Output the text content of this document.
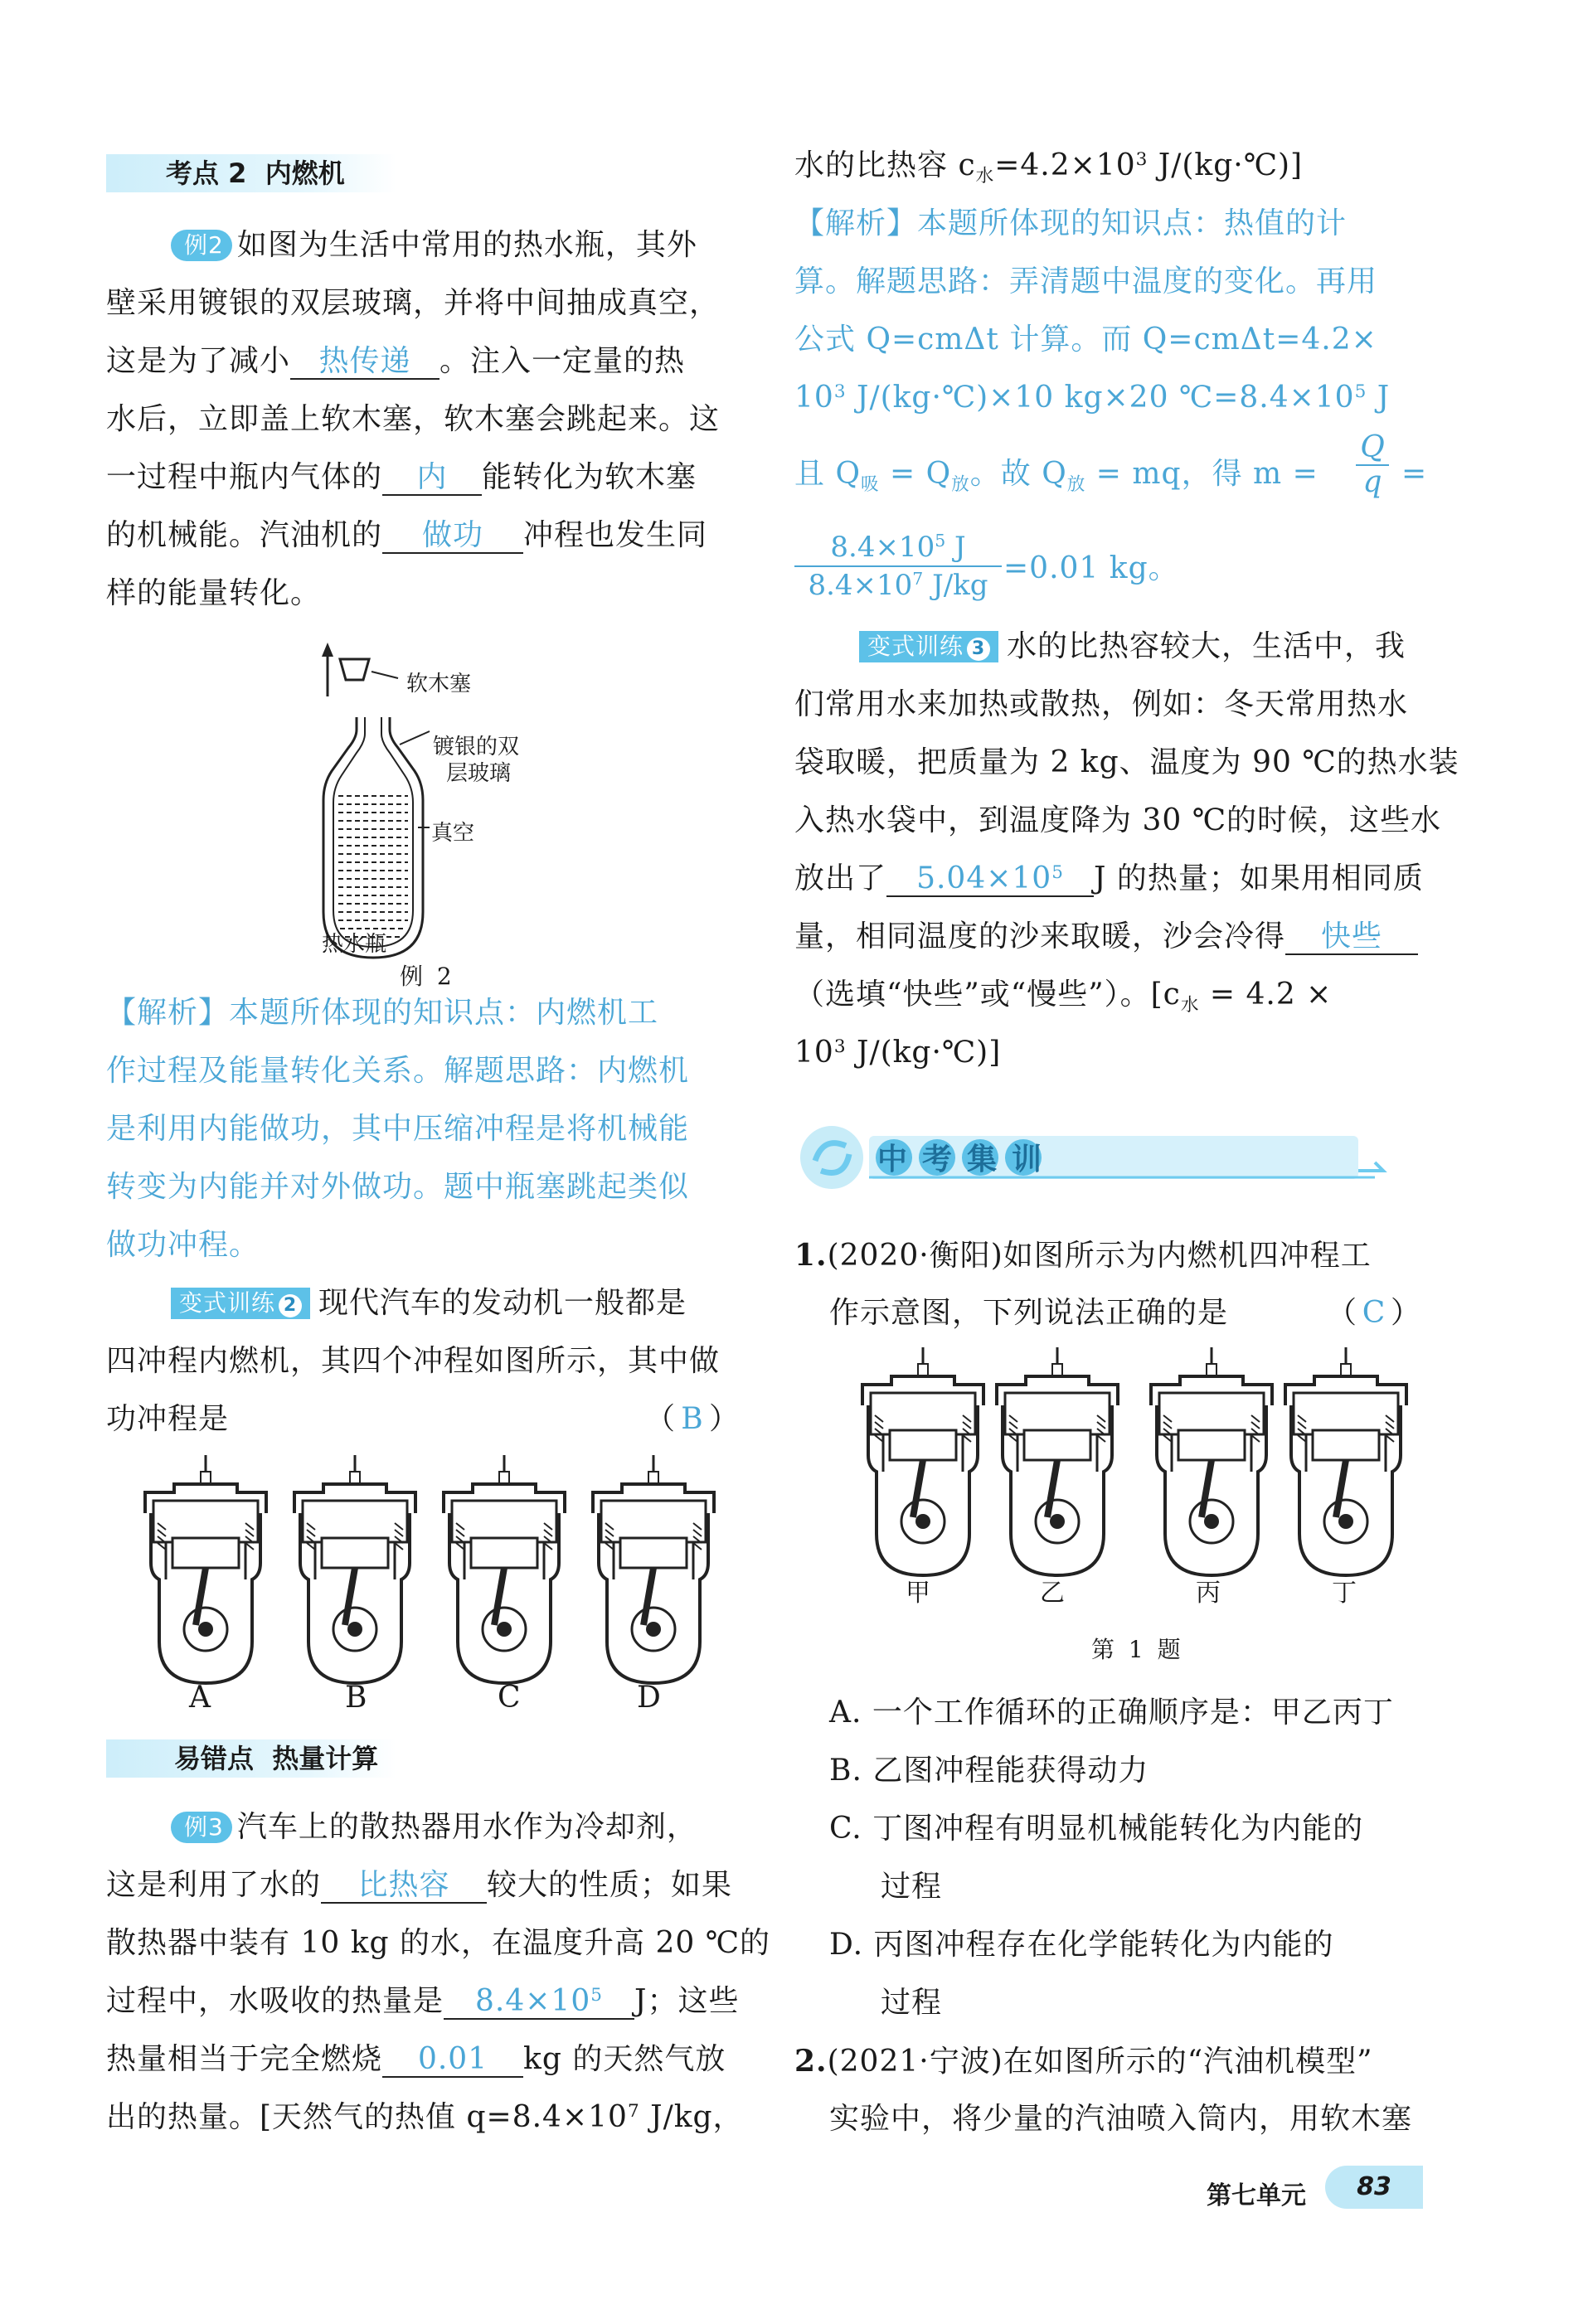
考点 2 内燃机
例2 如图为生活中常用的热水瓶，其外
壁采用镀银的双层玻璃，并将中间抽成真空，
这是为了减小 热传递 。注入一定量的热
水后，立即盖上软木塞，软木塞会跳起来。这
一过程中瓶内气体的 内 能转化为软木塞
的机械能。汽油机的 做功 冲程也发生同
样的能量转化。
软木塞
镀银的双
层玻璃
真空
热水瓶
例 2
【解析】本题所体现的知识点：内燃机工
作过程及能量转化关系。解题思路：内燃机
是利用内能做功，其中压缩冲程是将机械能
转变为内能并对外做功。题中瓶塞跳起类似
做功冲程。
变式训练 2 现代汽车的发动机一般都是
四冲程内燃机，其四个冲程如图所示，其中做
功冲程是	（ B ）
A	B	C	D
易错点 热量计算
例3 汽车上的散热器用水作为冷却剂，
这是利用了水的 比热容 较大的性质；如果
散热器中装有 10 kg 的水，在温度升高 20 ℃的
过程中，水吸收的热量是 $8.4\times 10^5$ J；这些
热量相当于完全燃烧 0.01 kg 的天然气放
出的热量。[天然气的热值 $q=8.4\times 10^7$ J/kg，
水的比热容 $c_水=4.2\times 10^3$ J/(kg·℃)]
【解析】本题所体现的知识点：热值的计
算。解题思路：弄清题中温度的变化。再用
公式 Q=cmΔt 计算。而 Q=cmΔt=4.2×
$10^3$ J/(kg·℃)×10 kg×20 $℃=8.4\times 10^5$ J
且 $Q_吸 = Q_放$。故 $Q_放$ = mq，得 m =
Q
q =
$8.4\times 10^5$ J
$8.4\times 10^7$ J/kg =0.01 kg。
变式训练 3 水的比热容较大，生活中，我
们常用水来加热或散热，例如：冬天常用热水
袋取暖，把质量为 2 kg、温度为 90 ℃的热水装
入热水袋中，到温度降为 30 ℃的时候，这些水
放出了 $5.04\times 10^5$ J 的热量；如果用相同质
量，相同温度的沙来取暖，沙会冷得 快些
（选填“快些”或“慢些”）。[$c_水 = 4.2$ ×
$10^3$ J/(kg·℃)]
中考集训
1.(2020·衡阳)如图所示为内燃机四冲程工
作示意图，下列说法正确的是	（ C ）
甲	乙	丙	丁
第 1 题
A. 一个工作循环的正确顺序是：甲乙丙丁
B. 乙图冲程能获得动力
C. 丁图冲程有明显机械能转化为内能的
过程
D. 丙图冲程存在化学能转化为内能的
过程
2.(2021·宁波)在如图所示的“汽油机模型”
实验中，将少量的汽油喷入筒内，用软木塞
第七单元	83
